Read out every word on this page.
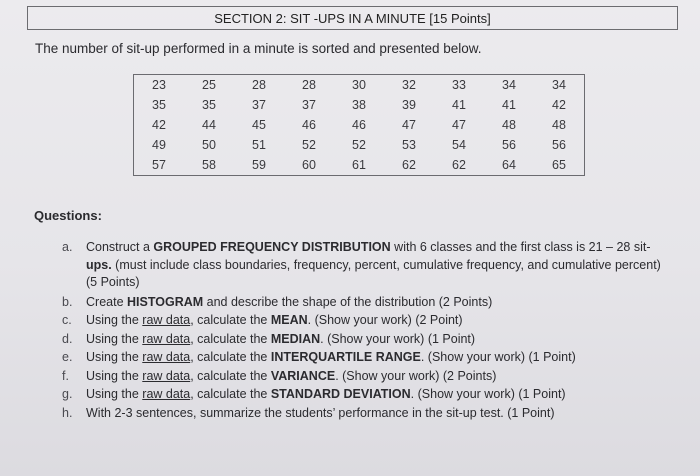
SECTION 2: SIT -UPS IN A MINUTE [15 Points]
The number of sit-up performed in a minute is sorted and presented below.
23	25	28	28	30	32	33	34	34
35	35	37	37	38	39	41	41	42
42	44	45	46	46	47	47	48	48
49	50	51	52	52	53	54	56	56
57	58	59	60	61	62	62	64	65
Questions:
a.	Construct a GROUPED FREQUENCY DISTRIBUTION with 6 classes and the first class is 21 – 28 sit-ups. (must include class boundaries, frequency, percent, cumulative frequency, and cumulative percent) (5 Points)
b.	Create HISTOGRAM and describe the shape of the distribution (2 Points)
c.	Using the raw data, calculate the MEAN. (Show your work) (2 Point)
d.	Using the raw data, calculate the MEDIAN. (Show your work) (1 Point)
e.	Using the raw data, calculate the INTERQUARTILE RANGE. (Show your work) (1 Point)
f.	Using the raw data, calculate the VARIANCE. (Show your work) (2 Points)
g.	Using the raw data, calculate the STANDARD DEVIATION. (Show your work) (1 Point)
h.	With 2-3 sentences, summarize the students’ performance in the sit-up test. (1 Point)
